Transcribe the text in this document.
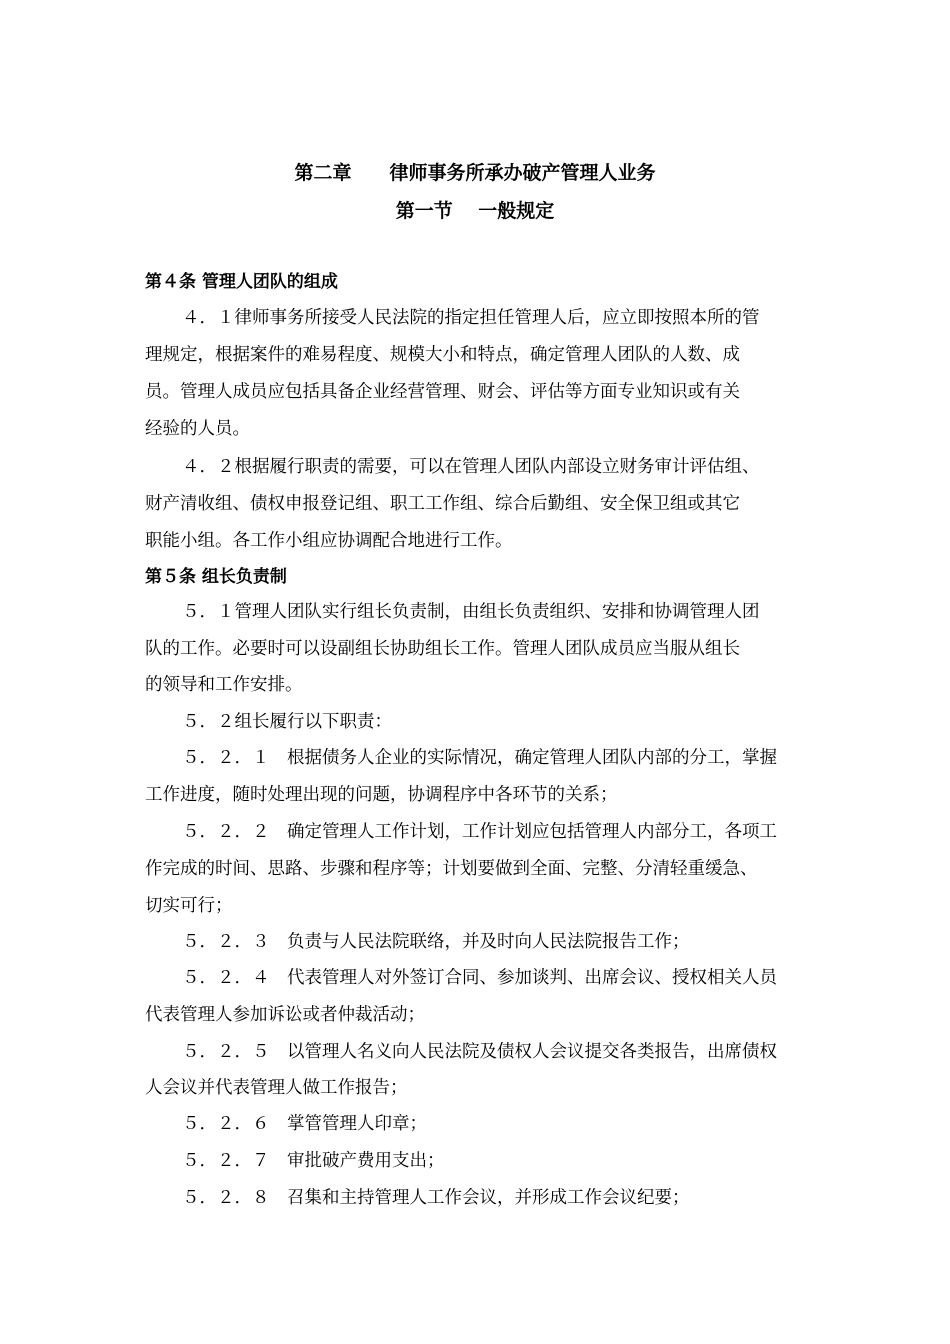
第二章　　律师事务所承办破产管理人业务
第一节　 一般规定
第４条 管理人团队的组成
４．１律师事务所接受人民法院的指定担任管理人后，应立即按照本所的管
理规定，根据案件的难易程度、规模大小和特点，确定管理人团队的人数、成
员。管理人成员应包括具备企业经营管理、财会、评估等方面专业知识或有关
经验的人员。
４．２根据履行职责的需要，可以在管理人团队内部设立财务审计评估组、
财产清收组、债权申报登记组、职工工作组、综合后勤组、安全保卫组或其它
职能小组。各工作小组应协调配合地进行工作。
第５条 组长负责制
５．１管理人团队实行组长负责制，由组长负责组织、安排和协调管理人团
队的工作。必要时可以设副组长协助组长工作。管理人团队成员应当服从组长
的领导和工作安排。
５．２组长履行以下职责：
５．２．１　根据债务人企业的实际情况，确定管理人团队内部的分工，掌握
工作进度，随时处理出现的问题，协调程序中各环节的关系；
５．２．２　确定管理人工作计划，工作计划应包括管理人内部分工，各项工
作完成的时间、思路、步骤和程序等；计划要做到全面、完整、分清轻重缓急、
切实可行；
５．２．３　负责与人民法院联络，并及时向人民法院报告工作；
５．２．４　代表管理人对外签订合同、参加谈判、出席会议、授权相关人员
代表管理人参加诉讼或者仲裁活动；
５．２．５　以管理人名义向人民法院及债权人会议提交各类报告，出席债权
人会议并代表管理人做工作报告；
５．２．６　掌管管理人印章；
５．２．７　审批破产费用支出；
５．２．８　召集和主持管理人工作会议，并形成工作会议纪要；
